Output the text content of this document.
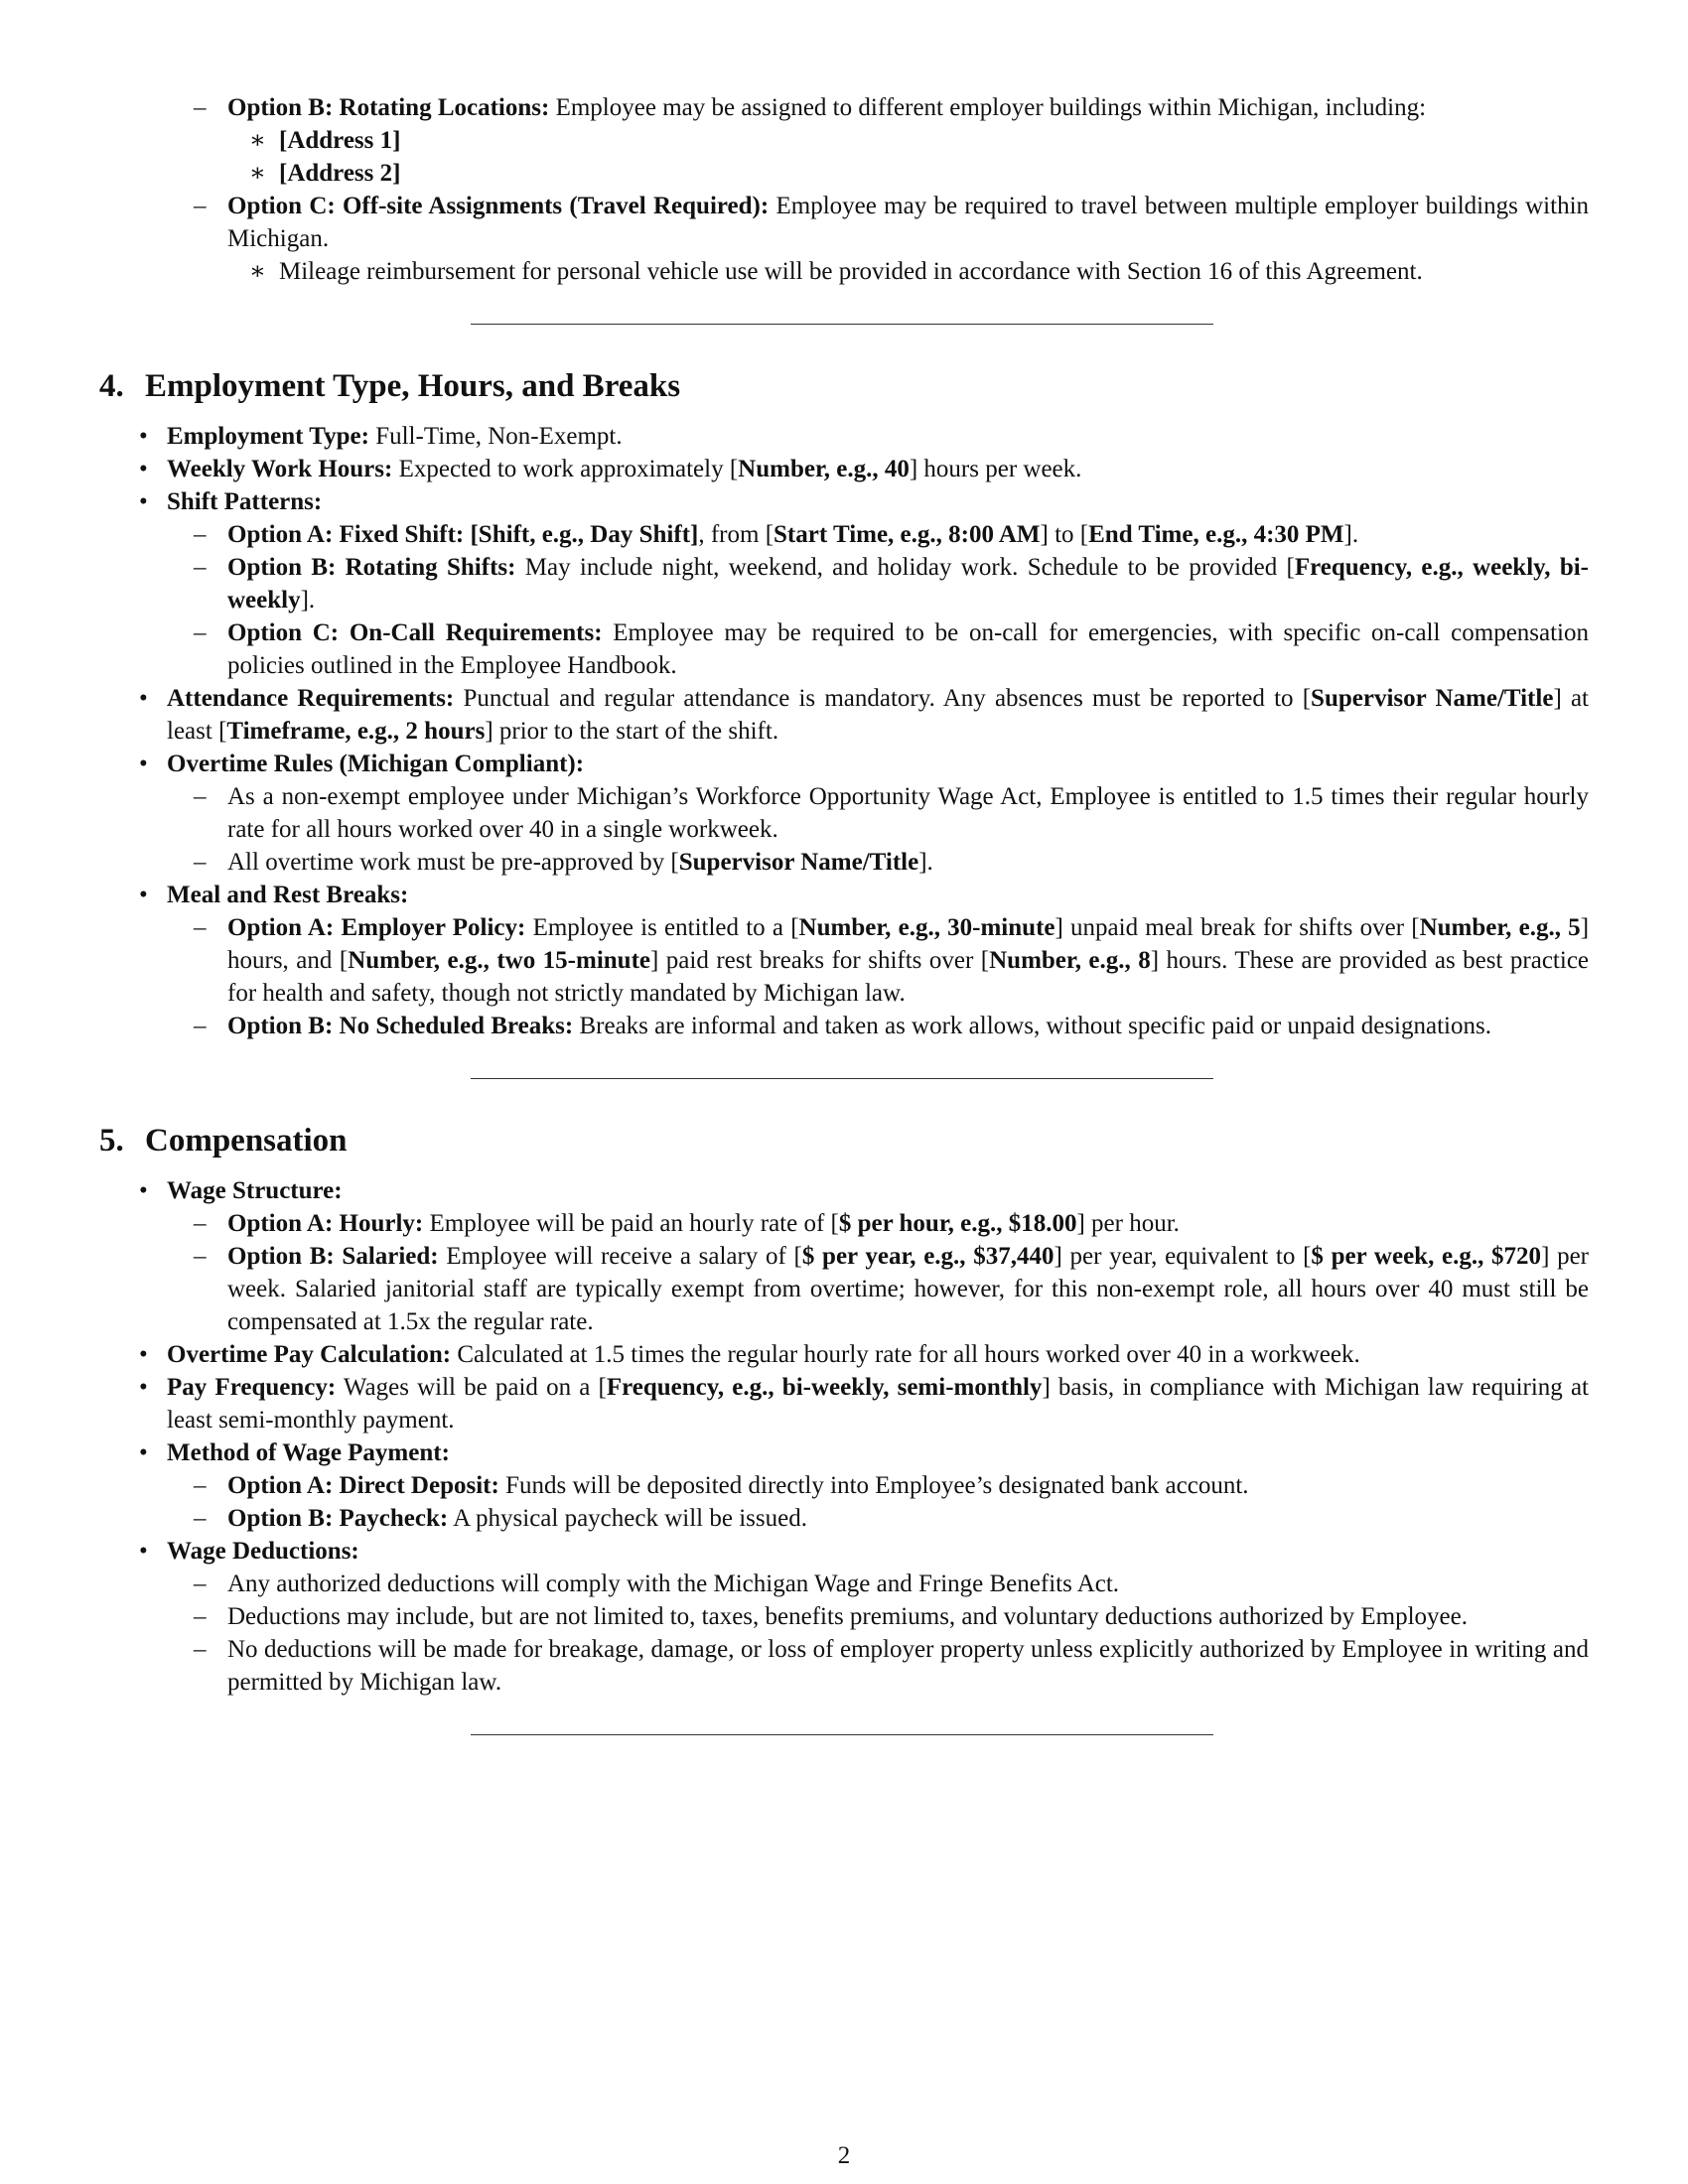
– Option B: Rotating Locations: Employee may be assigned to different employer buildings within Michigan, including:
∗ [Address 1]
∗ [Address 2]
– Option C: Off-site Assignments (Travel Required): Employee may be required to travel between multiple employer buildings within Michigan.
∗ Mileage reimbursement for personal vehicle use will be provided in accordance with Section 16 of this Agreement.
4. Employment Type, Hours, and Breaks
• Employment Type: Full-Time, Non-Exempt.
• Weekly Work Hours: Expected to work approximately [Number, e.g., 40] hours per week.
• Shift Patterns:
– Option A: Fixed Shift: [Shift, e.g., Day Shift], from [Start Time, e.g., 8:00 AM] to [End Time, e.g., 4:30 PM].
– Option B: Rotating Shifts: May include night, weekend, and holiday work. Schedule to be provided [Frequency, e.g., weekly, bi-weekly].
– Option C: On-Call Requirements: Employee may be required to be on-call for emergencies, with specific on-call compensation policies outlined in the Employee Handbook.
• Attendance Requirements: Punctual and regular attendance is mandatory. Any absences must be reported to [Supervisor Name/Title] at least [Timeframe, e.g., 2 hours] prior to the start of the shift.
• Overtime Rules (Michigan Compliant):
– As a non-exempt employee under Michigan’s Workforce Opportunity Wage Act, Employee is entitled to 1.5 times their regular hourly rate for all hours worked over 40 in a single workweek.
– All overtime work must be pre-approved by [Supervisor Name/Title].
• Meal and Rest Breaks:
– Option A: Employer Policy: Employee is entitled to a [Number, e.g., 30-minute] unpaid meal break for shifts over [Number, e.g., 5] hours, and [Number, e.g., two 15-minute] paid rest breaks for shifts over [Number, e.g., 8] hours. These are provided as best practice for health and safety, though not strictly mandated by Michigan law.
– Option B: No Scheduled Breaks: Breaks are informal and taken as work allows, without specific paid or unpaid designations.
5. Compensation
• Wage Structure:
– Option A: Hourly: Employee will be paid an hourly rate of [$ per hour, e.g., $18.00] per hour.
– Option B: Salaried: Employee will receive a salary of [$ per year, e.g., $37,440] per year, equivalent to [$ per week, e.g., $720] per week. Salaried janitorial staff are typically exempt from overtime; however, for this non-exempt role, all hours over 40 must still be compensated at 1.5x the regular rate.
• Overtime Pay Calculation: Calculated at 1.5 times the regular hourly rate for all hours worked over 40 in a workweek.
• Pay Frequency: Wages will be paid on a [Frequency, e.g., bi-weekly, semi-monthly] basis, in compliance with Michigan law requiring at least semi-monthly payment.
• Method of Wage Payment:
– Option A: Direct Deposit: Funds will be deposited directly into Employee’s designated bank account.
– Option B: Paycheck: A physical paycheck will be issued.
• Wage Deductions:
– Any authorized deductions will comply with the Michigan Wage and Fringe Benefits Act.
– Deductions may include, but are not limited to, taxes, benefits premiums, and voluntary deductions authorized by Employee.
– No deductions will be made for breakage, damage, or loss of employer property unless explicitly authorized by Employee in writing and permitted by Michigan law.
2
